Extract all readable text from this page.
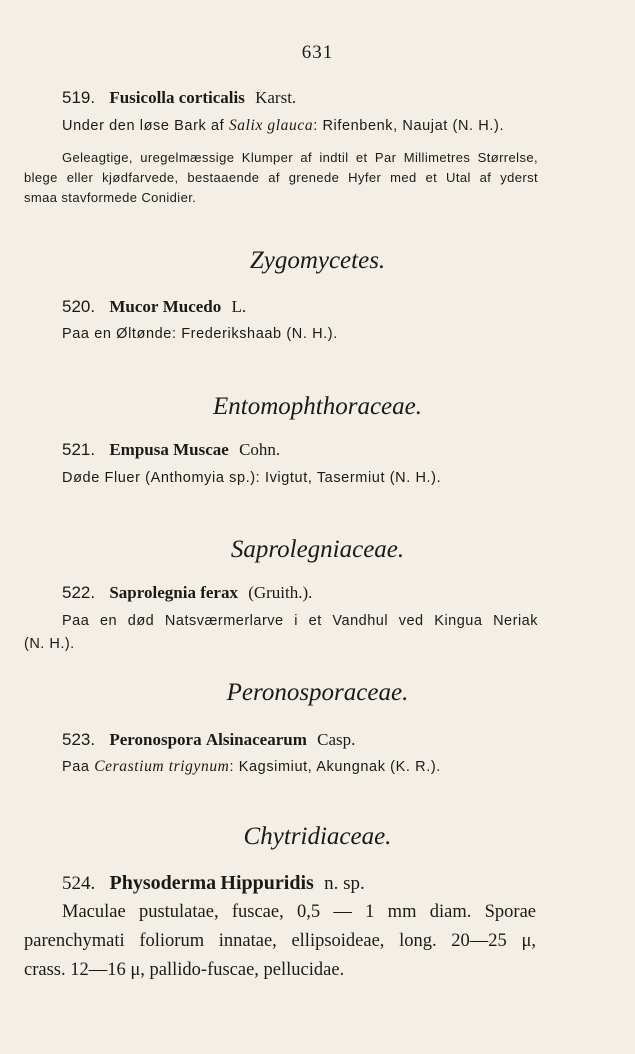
631
519. Fusicolla corticalis Karst.
Under den løse Bark af Salix glauca: Rifenbenk, Naujat (N. H.).
Geleagtige, uregelmæssige Klumper af indtil et Par Millimetres Størrelse,
blege eller kjødfarvede, bestaaende af grenede Hyfer med et Utal af yderst
smaa stavformede Conidier.
Zygomycetes.
520. Mucor Mucedo L.
Paa en Øltønde: Frederikshaab (N. H.).
Entomophthoraceae.
521. Empusa Muscae Cohn.
Døde Fluer (Anthomyia sp.): Ivigtut, Tasermiut (N. H.).
Saprolegniaceae.
522. Saprolegnia ferax (Gruith.).
Paa en død Natsværmerlarve i et Vandhul ved Kingua Neriak
(N. H.).
Peronosporaceae.
523. Peronospora Alsinacearum Casp.
Paa Cerastium trigynum: Kagsimiut, Akungnak (K. R.).
Chytridiaceae.
524. Physoderma Hippuridis n. sp.
Maculae pustulatae, fuscae, 0,5 — 1 mm diam. Sporae
parenchymati foliorum innatae, ellipsoideae, long. 20—25 μ,
crass. 12—16 μ, pallido-fuscae, pellucidae.
